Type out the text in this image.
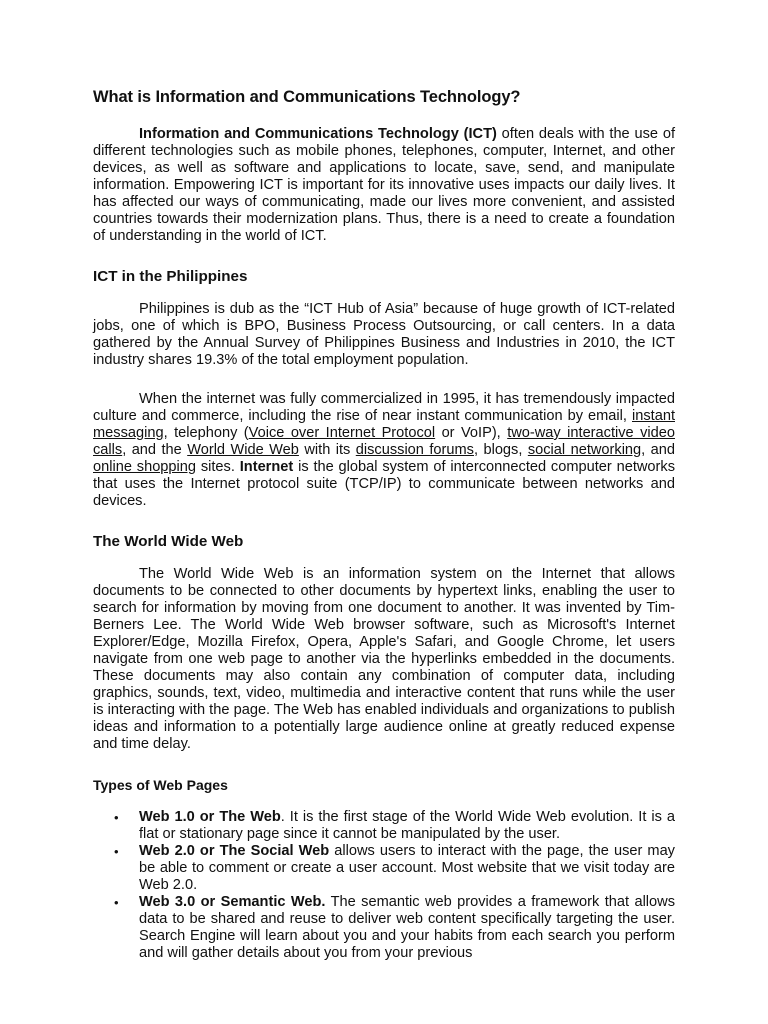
What is Information and Communications Technology?

Information and Communications Technology (ICT) often deals with the use of different technologies such as mobile phones, telephones, computer, Internet, and other devices, as well as software and applications to locate, save, send, and manipulate information. Empowering ICT is important for its innovative uses impacts our daily lives. It has affected our ways of communicating, made our lives more convenient, and assisted countries towards their modernization plans. Thus, there is a need to create a foundation of understanding in the world of ICT.

ICT in the Philippines

Philippines is dub as the “ICT Hub of Asia” because of huge growth of ICT-related jobs, one of which is BPO, Business Process Outsourcing, or call centers. In a data gathered by the Annual Survey of Philippines Business and Industries in 2010, the ICT industry shares 19.3% of the total employment population.

When the internet was fully commercialized in 1995, it has tremendously impacted culture and commerce, including the rise of near instant communication by email, instant messaging, telephony (Voice over Internet Protocol or VoIP), two-way interactive video calls, and the World Wide Web with its discussion forums, blogs, social networking, and online shopping sites. Internet is the global system of interconnected computer networks that uses the Internet protocol suite (TCP/IP) to communicate between networks and devices.

The World Wide Web

The World Wide Web is an information system on the Internet that allows documents to be connected to other documents by hypertext links, enabling the user to search for information by moving from one document to another. It was invented by Tim-Berners Lee. The World Wide Web browser software, such as Microsoft's Internet Explorer/Edge, Mozilla Firefox, Opera, Apple's Safari, and Google Chrome, let users navigate from one web page to another via the hyperlinks embedded in the documents. These documents may also contain any combination of computer data, including graphics, sounds, text, video, multimedia and interactive content that runs while the user is interacting with the page. The Web has enabled individuals and organizations to publish ideas and information to a potentially large audience online at greatly reduced expense and time delay.

Types of Web Pages
• Web 1.0 or The Web. It is the first stage of the World Wide Web evolution. It is a flat or stationary page since it cannot be manipulated by the user.
• Web 2.0 or The Social Web allows users to interact with the page, the user may be able to comment or create a user account. Most website that we visit today are Web 2.0.
• Web 3.0 or Semantic Web. The semantic web provides a framework that allows data to be shared and reuse to deliver web content specifically targeting the user. Search Engine will learn about you and your habits from each search you perform and will gather details about you from your previous
